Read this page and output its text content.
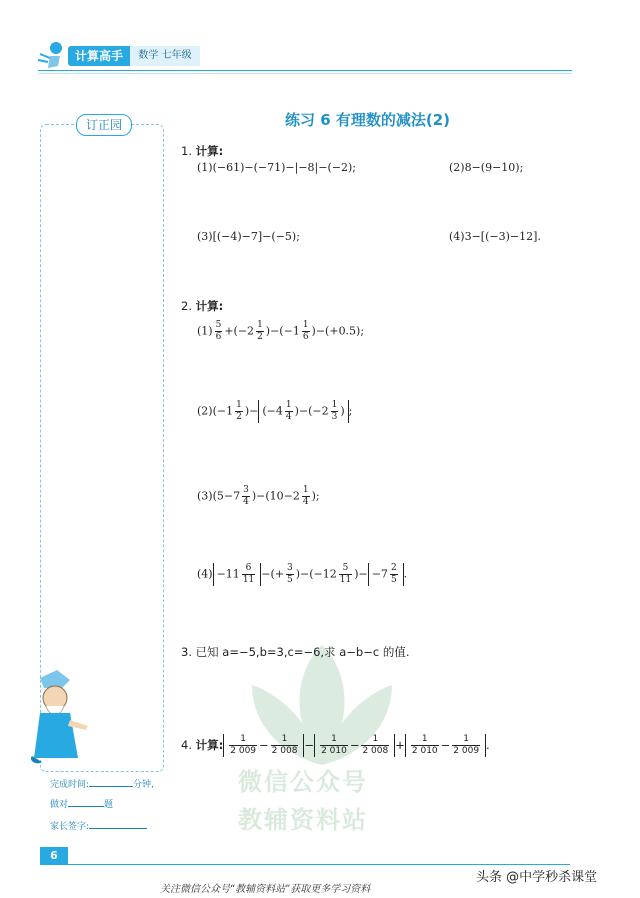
计算高手	数学 七年级
订正园
微信公众号
教辅资料站
练习 6 有理数的减法(2)
1. 计算:
(1)(−61)−(−71)−|−8|−(−2);	(2)8−(9−10);
(3)[(−4)−7]−(−5);	(4)3−[(−3)−12].
2. 计算:
$(1) \frac{5}{6} +(-2 \frac{1}{2} )-(-1 \frac{1}{6} )-(+0.5)$;
$(2)(-1 \frac{1}{2}$ )− $(-4 \frac{1}{4} )-(-2 \frac{1}{3}$ ) ;
$(3)(5-7 \frac{3}{4} )-(10-2 \frac{1}{4}$ );
$(4) -11 \frac{6}{11}$ −(+ $\frac{3}{5} )-(-12 \frac{5}{11}$ )− $-7 \frac{2}{5}$ .
3. 已知 a=−5,b=3,c=−6,求 a−b−c 的值.
4. 计算: $\frac{1}{2 009} - \frac{1}{2 008} - \frac{1}{2 010} - \frac{1}{2 008} + \frac{1}{2 010} - \frac{1}{2 009}$ .
完成时间:	分钟,
做对	题
家长签字:
6
头条 @中学秒杀课堂
关注微信公众号“教辅资料站”获取更多学习资料
